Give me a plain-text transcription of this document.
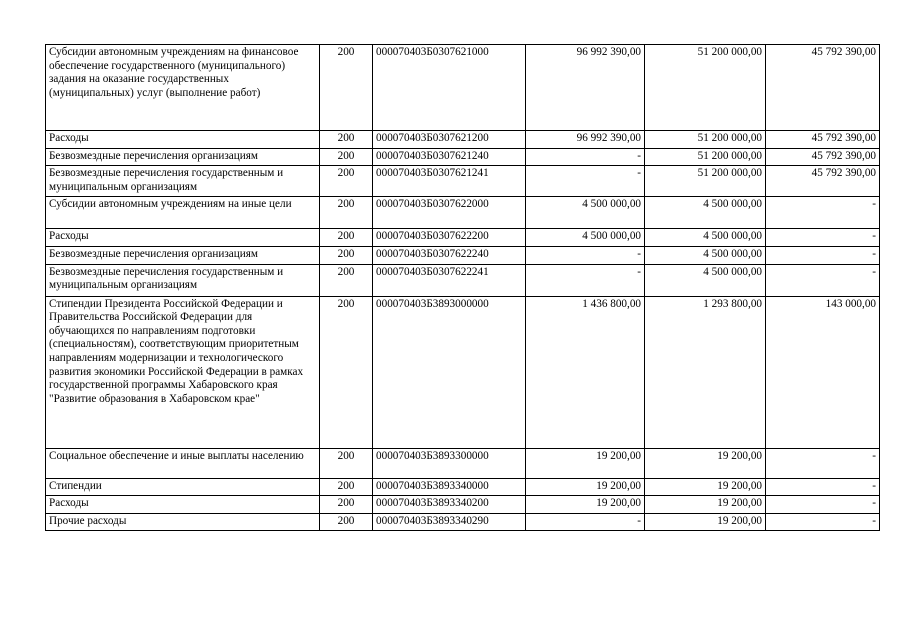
Субсидии автономным учреждениям на финансовое обеспечение государственного (муниципального) задания на оказание государственных (муниципальных) услуг (выполнение работ)	200	000070403Б0307621000	96 992 390,00	51 200 000,00	45 792 390,00
Расходы	200	000070403Б0307621200	96 992 390,00	51 200 000,00	45 792 390,00
Безвозмездные перечисления организациям	200	000070403Б0307621240	-	51 200 000,00	45 792 390,00
Безвозмездные перечисления государственным и муниципальным организациям	200	000070403Б0307621241	-	51 200 000,00	45 792 390,00
Субсидии автономным учреждениям на иные цели	200	000070403Б0307622000	4 500 000,00	4 500 000,00	-
Расходы	200	000070403Б0307622200	4 500 000,00	4 500 000,00	-
Безвозмездные перечисления организациям	200	000070403Б0307622240	-	4 500 000,00	-
Безвозмездные перечисления государственным и муниципальным организациям	200	000070403Б0307622241	-	4 500 000,00	-
Стипендии Президента Российской Федерации и Правительства Российской Федерации для обучающихся по направлениям подготовки (специальностям), соответствующим приоритетным направлениям модернизации и технологического развития экономики Российской Федерации в рамках государственной программы Хабаровского края "Развитие образования в Хабаровском крае"	200	000070403Б3893000000	1 436 800,00	1 293 800,00	143 000,00
Социальное обеспечение и иные выплаты населению	200	000070403Б3893300000	19 200,00	19 200,00	-
Стипендии	200	000070403Б3893340000	19 200,00	19 200,00	-
Расходы	200	000070403Б3893340200	19 200,00	19 200,00	-
Прочие расходы	200	000070403Б3893340290	-	19 200,00	-
